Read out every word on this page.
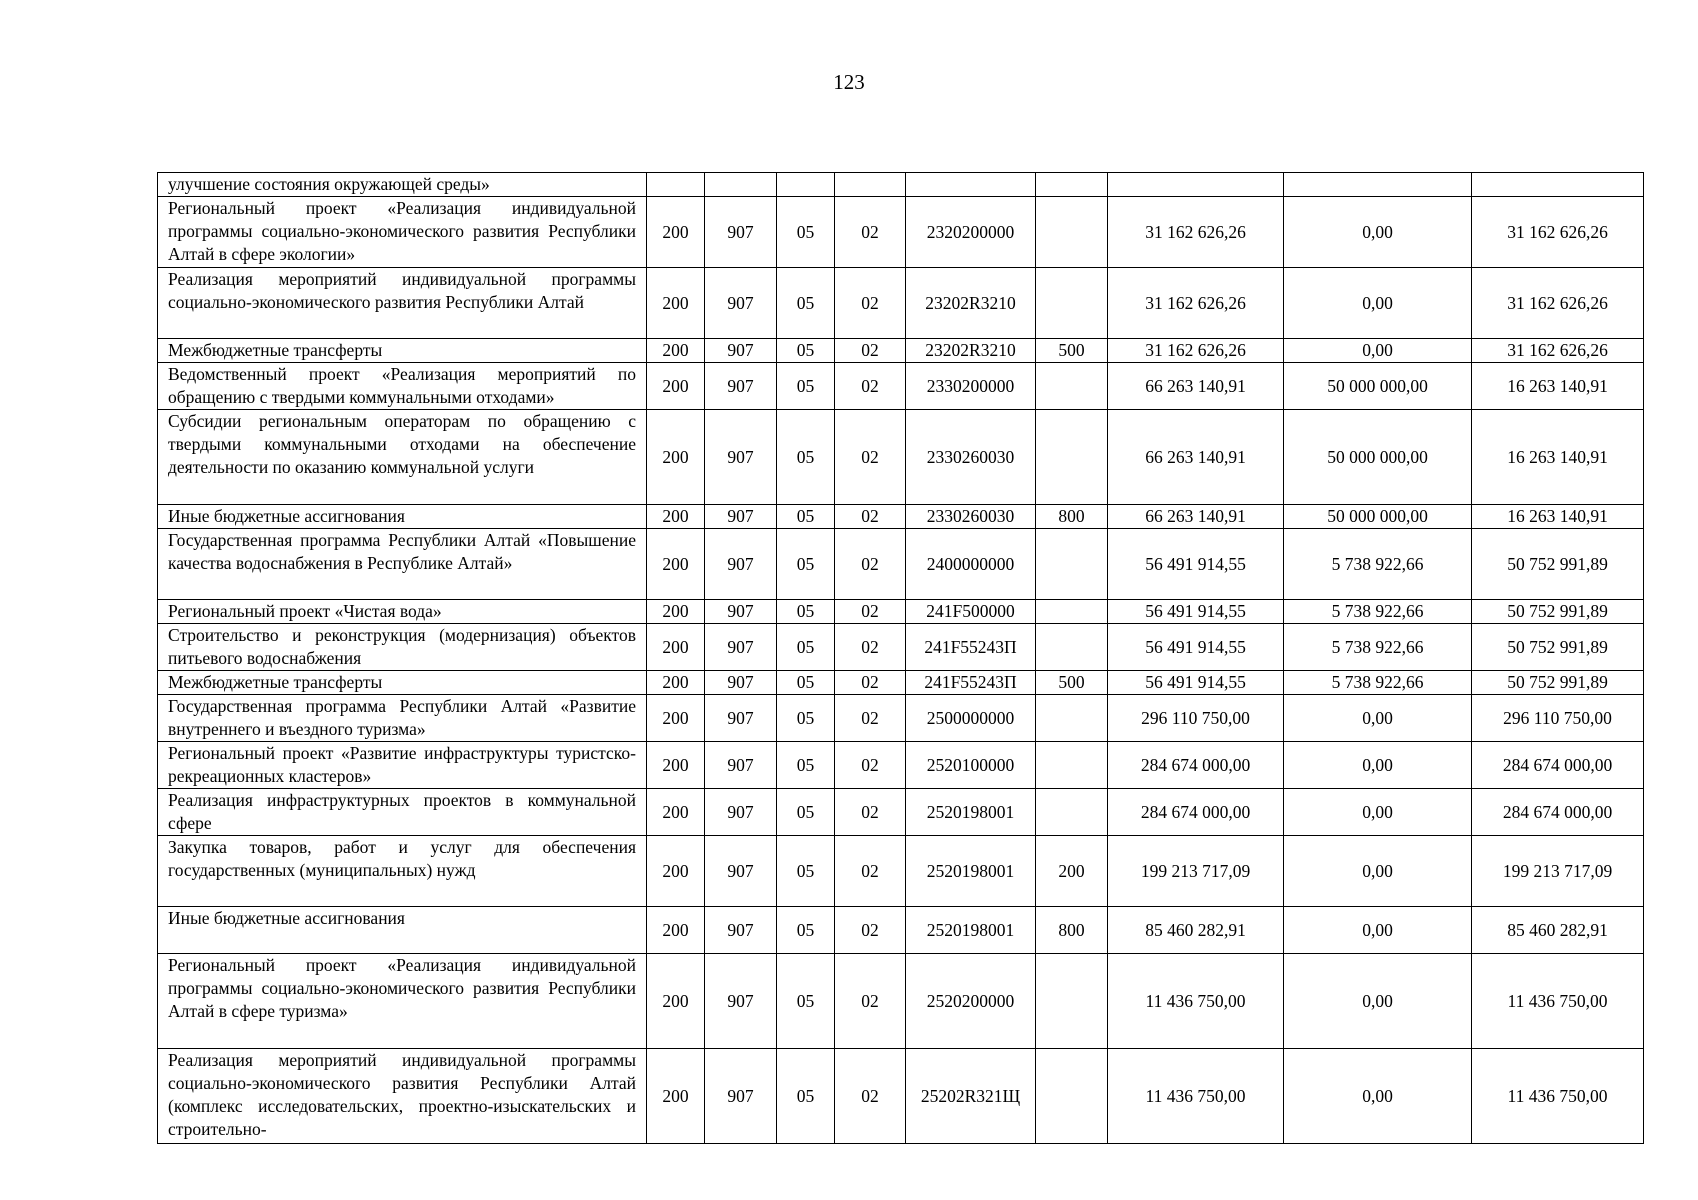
123
улучшение состояния окружающей среды»									
Региональный проект «Реализация индивидуальной программы социально-экономического развития Республики Алтай в сфере экологии»	200	907	05	02	2320200000		31 162 626,26	0,00	31 162 626,26
Реализация мероприятий индивидуальной программы социально-экономического развития Республики Алтай	200	907	05	02	23202R3210		31 162 626,26	0,00	31 162 626,26
Межбюджетные трансферты	200	907	05	02	23202R3210	500	31 162 626,26	0,00	31 162 626,26
Ведомственный проект «Реализация мероприятий по обращению с твердыми коммунальными отходами»	200	907	05	02	2330200000		66 263 140,91	50 000 000,00	16 263 140,91
Субсидии региональным операторам по обращению с твердыми коммунальными отходами на обеспечение деятельности по оказанию коммунальной услуги	200	907	05	02	2330260030		66 263 140,91	50 000 000,00	16 263 140,91
Иные бюджетные ассигнования	200	907	05	02	2330260030	800	66 263 140,91	50 000 000,00	16 263 140,91
Государственная программа Республики Алтай «Повышение качества водоснабжения в Республике Алтай»	200	907	05	02	2400000000		56 491 914,55	5 738 922,66	50 752 991,89
Региональный проект «Чистая вода»	200	907	05	02	241F500000		56 491 914,55	5 738 922,66	50 752 991,89
Строительство и реконструкция (модернизация) объектов питьевого водоснабжения	200	907	05	02	241F55243П		56 491 914,55	5 738 922,66	50 752 991,89
Межбюджетные трансферты	200	907	05	02	241F55243П	500	56 491 914,55	5 738 922,66	50 752 991,89
Государственная программа Республики Алтай «Развитие внутреннего и въездного туризма»	200	907	05	02	2500000000		296 110 750,00	0,00	296 110 750,00
Региональный проект «Развитие инфраструктуры туристско-рекреационных кластеров»	200	907	05	02	2520100000		284 674 000,00	0,00	284 674 000,00
Реализация инфраструктурных проектов в коммунальной сфере	200	907	05	02	2520198001		284 674 000,00	0,00	284 674 000,00
Закупка товаров, работ и услуг для обеспечения государственных (муниципальных) нужд	200	907	05	02	2520198001	200	199 213 717,09	0,00	199 213 717,09
Иные бюджетные ассигнования	200	907	05	02	2520198001	800	85 460 282,91	0,00	85 460 282,91
Региональный проект «Реализация индивидуальной программы социально-экономического развития Республики Алтай в сфере туризма»	200	907	05	02	2520200000		11 436 750,00	0,00	11 436 750,00
Реализация мероприятий индивидуальной программы социально-экономического развития Республики Алтай (комплекс исследовательских, проектно-изыскательских и строительно-	200	907	05	02	25202R321Щ		11 436 750,00	0,00	11 436 750,00
